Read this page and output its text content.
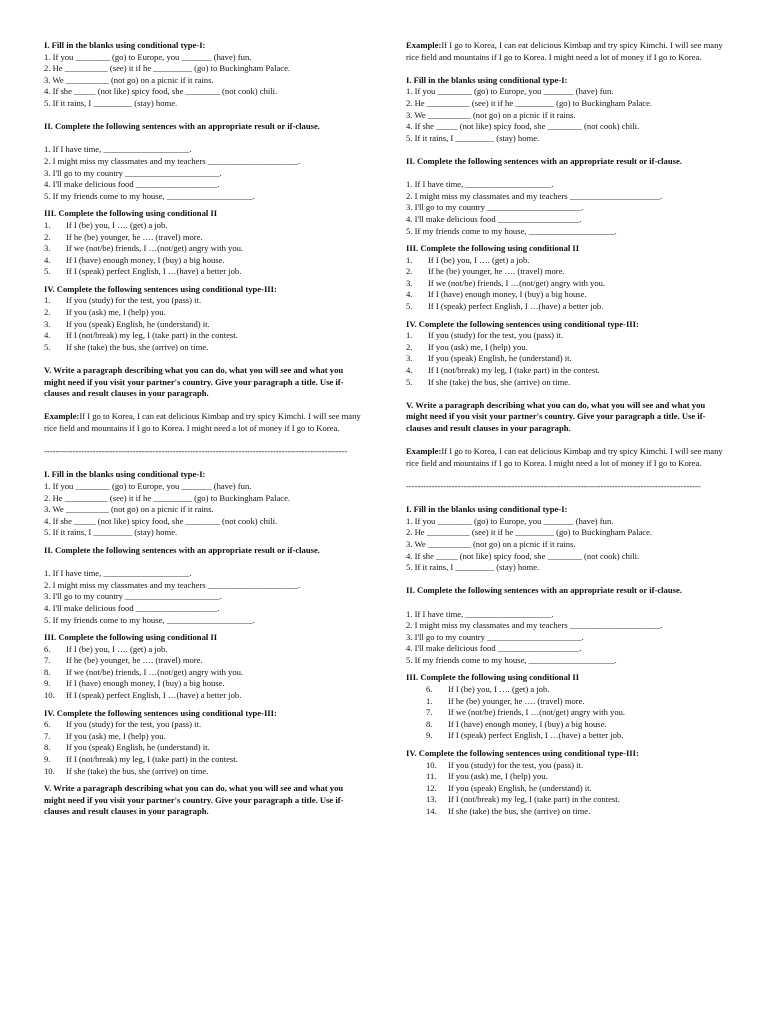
I. Fill in the blanks using conditional type-I:

1. If you ________ (go) to Europe, you _______ (have) fun.

2. He __________ (see) it if he _________ (go) to Buckingham Palace.

3. We __________ (not go) on a picnic if it rains.

4. If she _____ (not like) spicy food, she ________ (not cook) chili.

5. If it rains, I _________ (stay) home.

II. Complete the following sentences with an appropriate result or if-clause.

1. If I have time, ____________________.

2. I might miss my classmates and my teachers _____________________.

3. I'll go to my country ______________________.

4. I'll make delicious food ___________________.

5. If my friends come to my house, ____________________.

III. Complete the following using conditional II

1. If I (be) you, I …. (get) a job.

2. If he (be) younger, he …. (travel) more.

3. If we (not/be) friends, I …(not/get) angry with you.

4. If I (have) enough money, I (buy) a big house.

5. If I (speak) perfect English, I …(have) a better job.

IV. Complete the following sentences using conditional type-III:

1. If you (study) for the test, you (pass) it.

2. If you (ask) me, I (help) you.

3. If you (speak) English, he (understand) it.

4. If I (not/break) my leg, I (take part) in the contest.

5. If she (take) the bus, she (arrive) on time.

V. Write a paragraph describing what you can do, what you will see and what you might need if you visit your partner's country. Give your paragraph a title. Use if-clauses and result clauses in your paragraph.

Example:If I go to Korea, I can eat delicious Kimbap and try spicy Kimchi. I will see many rice field and mountains if I go to Korea. I might need a lot of money if I go to Korea.

----------------------------------------------------------------------------------------------------------

I. Fill in the blanks using conditional type-I:

1. If you ________ (go) to Europe, you _______ (have) fun.

2. He __________ (see) it if he _________ (go) to Buckingham Palace.

3. We __________ (not go) on a picnic if it rains.

4. If she _____ (not like) spicy food, she ________ (not cook) chili.

5. If it rains, I _________ (stay) home.

II. Complete the following sentences with an appropriate result or if-clause.

1. If I have time, ____________________.

2. I might miss my classmates and my teachers _____________________.

3. I'll go to my country ______________________.

4. I'll make delicious food ___________________.

5. If my friends come to my house, ____________________.

III. Complete the following using conditional II

6. If I (be) you, I …. (get) a job.

7. If he (be) younger, he …. (travel) more.

8. If we (not/be) friends, I …(not/get) angry with you.

9. If I (have) enough money, I (buy) a big house.

10. If I (speak) perfect English, I …(have) a better job.

IV. Complete the following sentences using conditional type-III:

6. If you (study) for the test, you (pass) it.

7. If you (ask) me, I (help) you.

8. If you (speak) English, he (understand) it.

9. If I (not/break) my leg, I (take part) in the contest.

10. If she (take) the bus, she (arrive) on time.

V. Write a paragraph describing what you can do, what you will see and what you might need if you visit your partner's country. Give your paragraph a title. Use if-clauses and result clauses in your paragraph.

Example:If I go to Korea, I can eat delicious Kimbap and try spicy Kimchi. I will see many rice field and mountains if I go to Korea. I might need a lot of money if I go to Korea.

I. Fill in the blanks using conditional type-I:

1. If you ________ (go) to Europe, you _______ (have) fun.

2. He __________ (see) it if he _________ (go) to Buckingham Palace.

3. We __________ (not go) on a picnic if it rains.

4. If she _____ (not like) spicy food, she ________ (not cook) chili.

5. If it rains, I _________ (stay) home.

II. Complete the following sentences with an appropriate result or if-clause.

1. If I have time, ____________________.

2. I might miss my classmates and my teachers _____________________.

3. I'll go to my country ______________________.

4. I'll make delicious food ___________________.

5. If my friends come to my house, ____________________.

III. Complete the following using conditional II

1. If I (be) you, I …. (get) a job.

2. If he (be) younger, he …. (travel) more.

3. If we (not/be) friends, I …(not/get) angry with you.

4. If I (have) enough money, I (buy) a big house.

5. If I (speak) perfect English, I …(have) a better job.

IV. Complete the following sentences using conditional type-III:

1. If you (study) for the test, you (pass) it.

2. If you (ask) me, I (help) you.

3. If you (speak) English, he (understand) it.

4. If I (not/break) my leg, I (take part) in the contest.

5. If she (take) the bus, she (arrive) on time.

V. Write a paragraph describing what you can do, what you will see and what you might need if you visit your partner's country. Give your paragraph a title. Use if-clauses and result clauses in your paragraph.

Example:If I go to Korea, I can eat delicious Kimbap and try spicy Kimchi. I will see many rice field and mountains if I go to Korea. I might need a lot of money if I go to Korea.

-------------------------------------------------------------------------------------------------------

I. Fill in the blanks using conditional type-I:

1. If you ________ (go) to Europe, you _______ (have) fun.

2. He __________ (see) it if he _________ (go) to Buckingham Palace.

3. We __________ (not go) on a picnic if it rains.

4. If she _____ (not like) spicy food, she ________ (not cook) chili.

5. If it rains, I _________ (stay) home.

II. Complete the following sentences with an appropriate result or if-clause.

1. If I have time, ____________________.

2. I might miss my classmates and my teachers _____________________.

3. I'll go to my country ______________________.

4. I'll make delicious food ___________________.

5. If my friends come to my house, ____________________.

III. Complete the following using conditional II

6. If I (be) you, I …. (get) a job.

1. If he (be) younger, he …. (travel) more.

7. If we (not/be) friends, I …(not/get) angry with you.

8. If I (have) enough money, I (buy) a big house.

9. If I (speak) perfect English, I …(have) a better job.

IV. Complete the following sentences using conditional type-III:

10. If you (study) for the test, you (pass) it.

11. If you (ask) me, I (help) you.

12. If you (speak) English, he (understand) it.

13. If I (not/break) my leg, I (take part) in the contest.

14. If she (take) the bus, she (arrive) on time.
